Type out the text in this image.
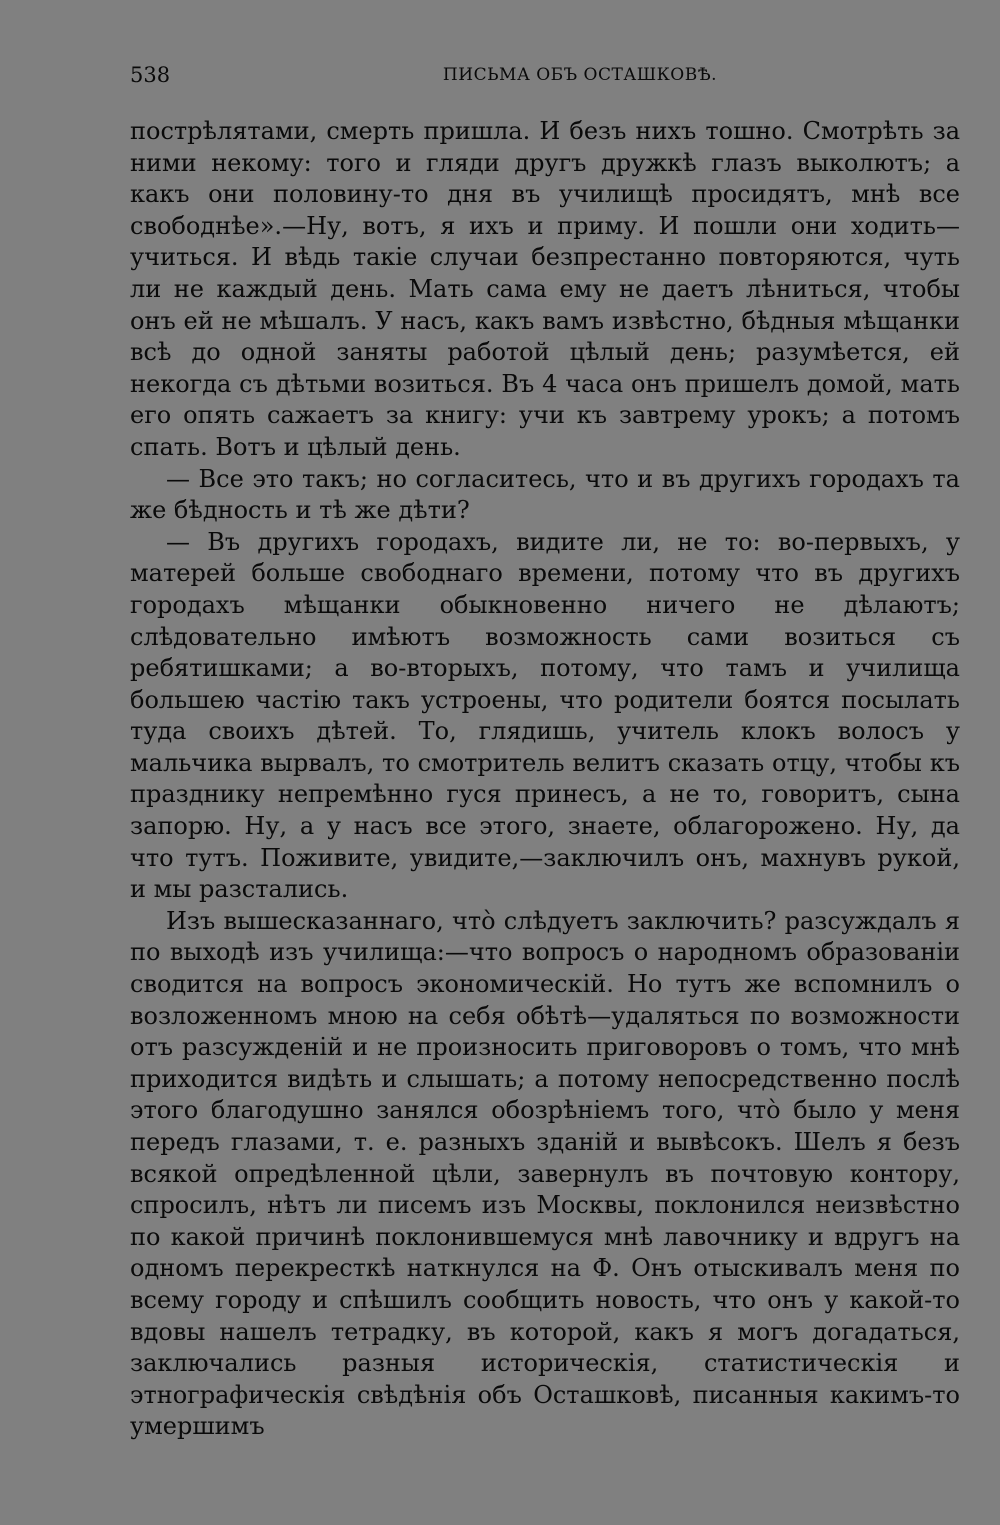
538	ПИСЬМА ОБЪ ОСТАШКОВѢ.

пострѣлятами, смерть пришла. И безъ нихъ тошно. Смотрѣть за ними некому: того и гляди другъ дружкѣ глазъ выколютъ; а какъ они половину-то дня въ училищѣ просидятъ, мнѣ все свободнѣе».—Ну, вотъ, я ихъ и приму. И пошли они ходить—учиться. И вѣдь такіе случаи безпрестанно повторяются, чуть ли не каждый день. Мать сама ему не даетъ лѣниться, чтобы онъ ей не мѣшалъ. У насъ, какъ вамъ извѣстно, бѣдныя мѣщанки всѣ до одной заняты работой цѣлый день; разумѣется, ей некогда съ дѣтьми возиться. Въ 4 часа онъ пришелъ домой, мать его опять сажаетъ за книгу: учи къ завтрему урокъ; а потомъ спать. Вотъ и цѣлый день.

— Все это такъ; но согласитесь, что и въ другихъ городахъ та же бѣдность и тѣ же дѣти?

— Въ другихъ городахъ, видите ли, не то: во-первыхъ, у матерей больше свободнаго времени, потому что въ другихъ городахъ мѣщанки обыкновенно ничего не дѣлаютъ; слѣдовательно имѣютъ возможность сами возиться съ ребятишками; а во-вторыхъ, потому, что тамъ и училища большею частію такъ устроены, что родители боятся посылать туда своихъ дѣтей. То, глядишь, учитель клокъ волосъ у мальчика вырвалъ, то смотритель велитъ сказать отцу, чтобы къ празднику непремѣнно гуся принесъ, а не то, говоритъ, сына запорю. Ну, а у насъ все этого, знаете, облагорожено. Ну, да что тутъ. Поживите, увидите,—заключилъ онъ, махнувъ рукой, и мы разстались.

Изъ вышесказаннаго, что̀ слѣдуетъ заключить? разсуждалъ я по выходѣ изъ училища:—что вопросъ о народномъ образованіи сводится на вопросъ экономическій. Но тутъ же вспомнилъ о возложенномъ мною на себя обѣтѣ—удаляться по возможности отъ разсужденій и не произносить приговоровъ о томъ, что мнѣ приходится видѣть и слышать; а потому непосредственно послѣ этого благодушно занялся обозрѣніемъ того, что̀ было у меня передъ глазами, т. е. разныхъ зданій и вывѣсокъ. Шелъ я безъ всякой опредѣленной цѣли, завернулъ въ почтовую контору, спросилъ, нѣтъ ли писемъ изъ Москвы, поклонился неизвѣстно по какой причинѣ поклонившемуся мнѣ лавочнику и вдругъ на одномъ перекресткѣ наткнулся на Ф. Онъ отыскивалъ меня по всему городу и спѣшилъ сообщить новость, что онъ у какой-то вдовы нашелъ тетрадку, въ которой, какъ я могъ догадаться, заключались разныя историческія, статистическія и этнографическія свѣдѣнія объ Осташковѣ, писанныя какимъ-то умершимъ
